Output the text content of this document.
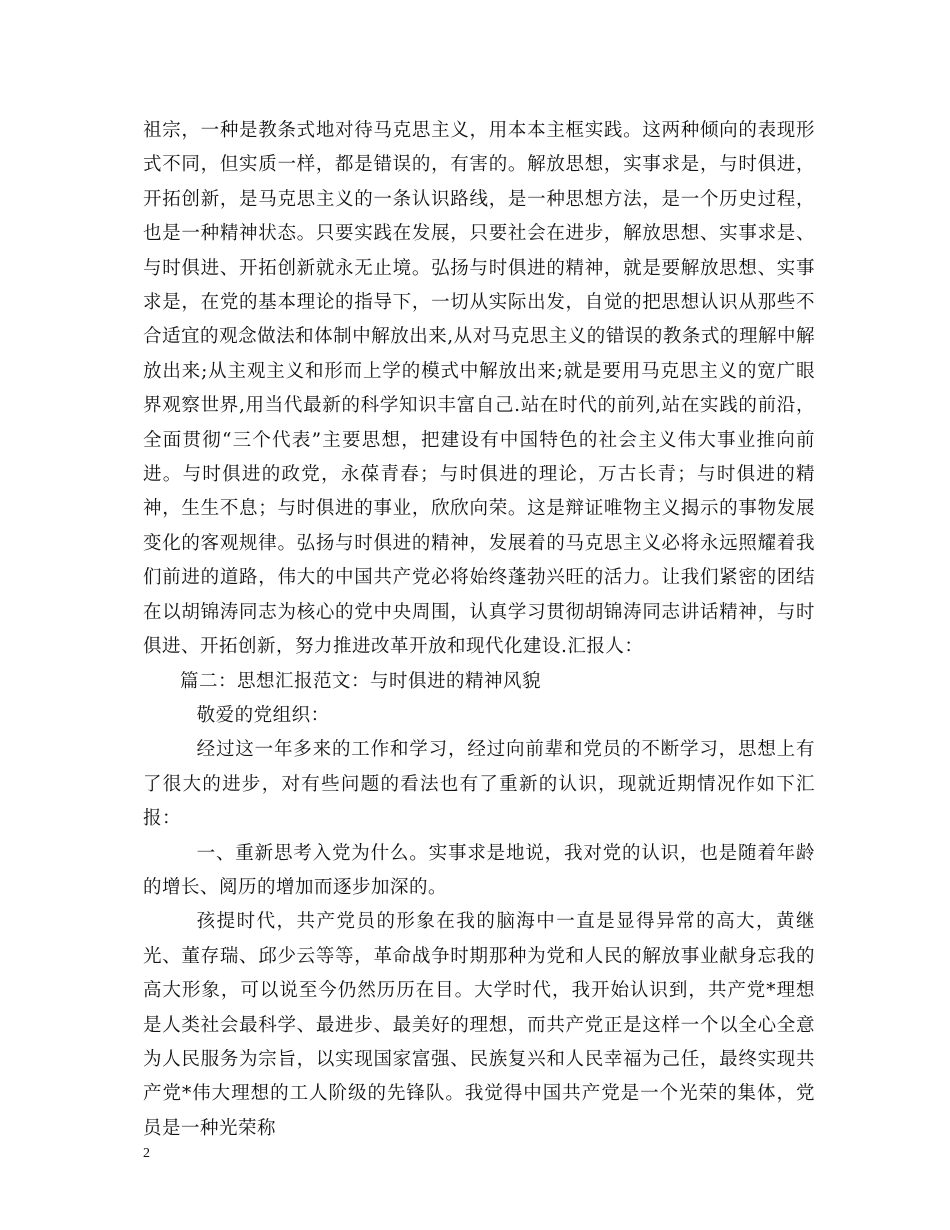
祖宗，一种是教条式地对待马克思主义，用本本主框实践。这两种倾向的表现形式不同，但实质一样，都是错误的，有害的。解放思想，实事求是，与时俱进，开拓创新，是马克思主义的一条认识路线，是一种思想方法，是一个历史过程，也是一种精神状态。只要实践在发展，只要社会在进步，解放思想、实事求是、与时俱进、开拓创新就永无止境。弘扬与时俱进的精神，就是要解放思想、实事求是，在党的基本理论的指导下，一切从实际出发，自觉的把思想认识从那些不合适宜的观念做法和体制中解放出来,从对马克思主义的错误的教条式的理解中解放出来;从主观主义和形而上学的模式中解放出来;就是要用马克思主义的宽广眼界观察世界,用当代最新的科学知识丰富自己.站在时代的前列,站在实践的前沿，全面贯彻“三个代表”主要思想，把建设有中国特色的社会主义伟大事业推向前进。与时俱进的政党，永葆青春；与时俱进的理论，万古长青；与时俱进的精神，生生不息；与时俱进的事业，欣欣向荣。这是辩证唯物主义揭示的事物发展变化的客观规律。弘扬与时俱进的精神，发展着的马克思主义必将永远照耀着我们前进的道路，伟大的中国共产党必将始终蓬勃兴旺的活力。让我们紧密的团结在以胡锦涛同志为核心的党中央周围，认真学习贯彻胡锦涛同志讲话精神，与时俱进、开拓创新，努力推进改革开放和现代化建设.汇报人：

篇二：思想汇报范文：与时俱进的精神风貌

敬爱的党组织：

经过这一年多来的工作和学习，经过向前辈和党员的不断学习，思想上有了很大的进步，对有些问题的看法也有了重新的认识，现就近期情况作如下汇报：

一、重新思考入党为什么。实事求是地说，我对党的认识，也是随着年龄的增长、阅历的增加而逐步加深的。

孩提时代，共产党员的形象在我的脑海中一直是显得异常的高大，黄继光、董存瑞、邱少云等等，革命战争时期那种为党和人民的解放事业献身忘我的高大形象，可以说至今仍然历历在目。大学时代，我开始认识到，共产党*理想是人类社会最科学、最进步、最美好的理想，而共产党正是这样一个以全心全意为人民服务为宗旨，以实现国家富强、民族复兴和人民幸福为己任，最终实现共产党*伟大理想的工人阶级的先锋队。我觉得中国共产党是一个光荣的集体，党员是一种光荣称

2
